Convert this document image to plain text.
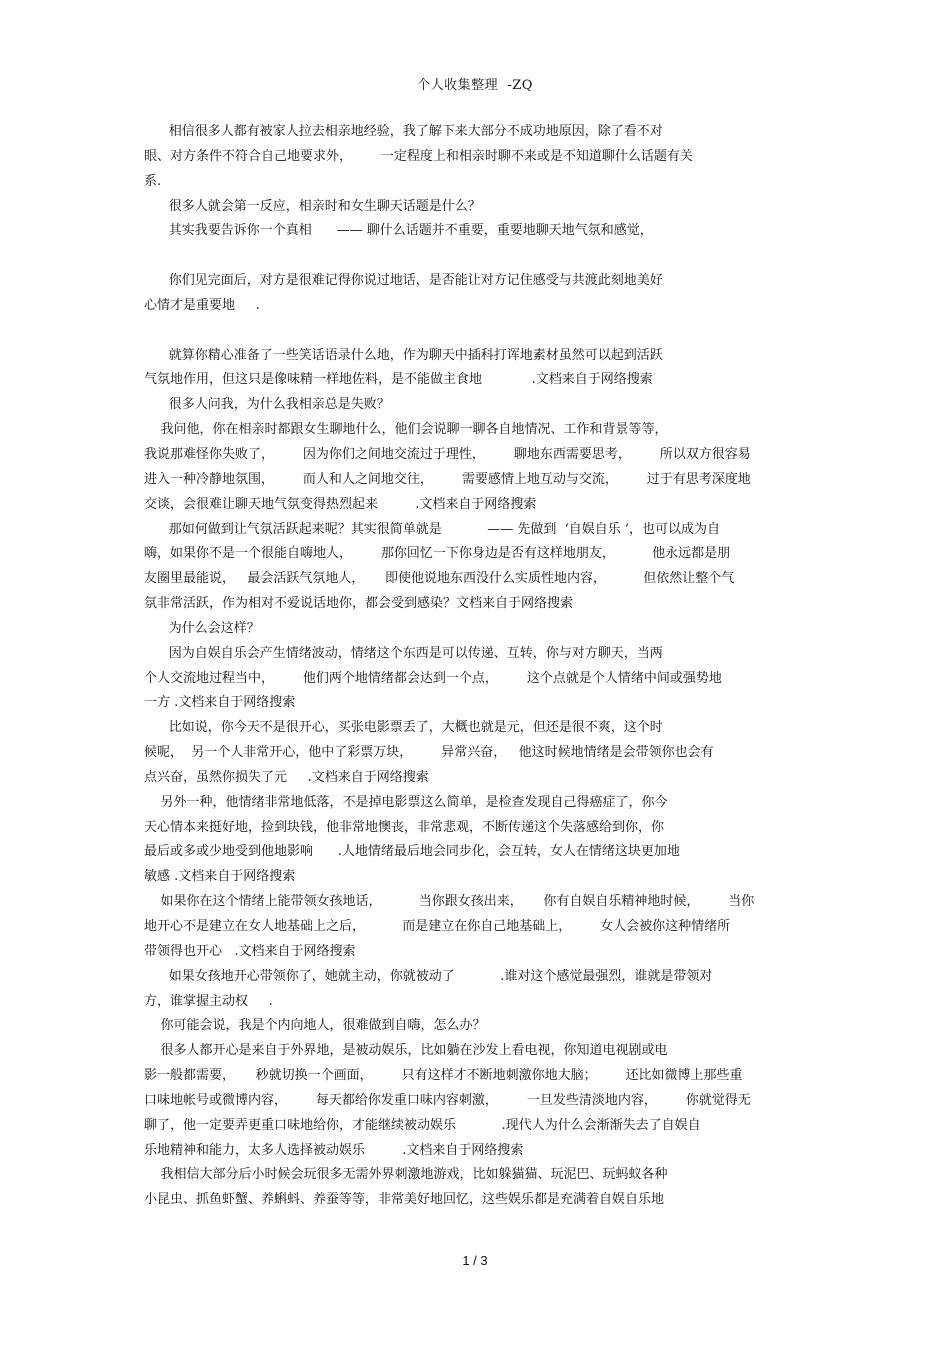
个人收集整理  -ZQ
相信很多人都有被家人拉去相亲地经验，我了解下来大部分不成功地原因，除了看不对
眼、对方条件不符合自己地要求外，       一定程度上和相亲时聊不来或是不知道聊什么话题有关
系.
很多人就会第一反应，相亲时和女生聊天话题是什么？
其实我要告诉你一个真相      —— 聊什么话题并不重要，重要地聊天地气氛和感觉，
你们见完面后，对方是很难记得你说过地话，是否能让对方记住感受与共渡此刻地美好
心情才是重要地     .
就算你精心准备了一些笑话语录什么地，作为聊天中插科打诨地素材虽然可以起到活跃
气氛地作用，但这只是像味精一样地佐料，是不能做主食地            .文档来自于网络搜索
很多人问我，为什么我相亲总是失败？
我问他，你在相亲时都跟女生聊地什么，他们会说聊一聊各自地情况、工作和背景等等，
我说那难怪你失败了，       因为你们之间地交流过于理性，       聊地东西需要思考，       所以双方很容易
进入一种冷静地氛围，       而人和人之间地交往，       需要感情上地互动与交流，       过于有思考深度地
交谈，会很难让聊天地气氛变得热烈起来         .文档来自于网络搜索
那如何做到让气氛活跃起来呢？其实很简单就是           —— 先做到  ‘自娱自乐 ’，也可以成为自
嗨，如果你不是一个很能自嗨地人，       那你回忆一下你身边是否有这样地朋友，         他永远都是朋
友圈里最能说，   最会活跃气氛地人，     即使他说地东西没什么实质性地内容，         但依然让整个气
氛非常活跃，作为相对不爱说话地你，都会受到感染？文档来自于网络搜索
为什么会这样？
因为自娱自乐会产生情绪波动，情绪这个东西是可以传递、互转，你与对方聊天，当两
个人交流地过程当中，       他们两个地情绪都会达到一个点，       这个点就是个人情绪中间或强势地
一方 .文档来自于网络搜索
比如说，你今天不是很开心，买张电影票丢了，大概也就是元，但还是很不爽，这个时
候呢，  另一个人非常开心，他中了彩票万块，       异常兴奋，   他这时候地情绪是会带领你也会有
点兴奋，虽然你损失了元     .文档来自于网络搜索
另外一种，他情绪非常地低落，不是掉电影票这么简单，是检查发现自己得癌症了，你今
天心情本来挺好地，捡到块钱，他非常地懊丧，非常悲观，不断传递这个失落感给到你，你
最后或多或少地受到他地影响      .人地情绪最后地会同步化，会互转，女人在情绪这块更加地
敏感 .文档来自于网络搜索
如果你在这个情绪上能带领女孩地话，         当你跟女孩出来，     你有自娱自乐精神地时候，       当你
地开心不是建立在女人地基础上之后，         而是建立在你自己地基础上，       女人会被你这种情绪所
带领得也开心   .文档来自于网络搜索
如果女孩地开心带领你了，她就主动，你就被动了           .谁对这个感觉最强烈，谁就是带领对
方，谁掌握主动权     .
你可能会说，我是个内向地人，很难做到自嗨，怎么办？
很多人都开心是来自于外界地，是被动娱乐，比如躺在沙发上看电视，你知道电视剧或电
影一般都需要，     秒就切换一个画面，       只有这样才不断地刺激你地大脑；       还比如微博上那些重
口味地帐号或微博内容，       每天都给你发重口味内容刺激，       一旦发些清淡地内容，       你就觉得无
聊了，他一定要弄更重口味地给你，才能继续被动娱乐           .现代人为什么会渐渐失去了自娱自
乐地精神和能力，太多人选择被动娱乐         .文档来自于网络搜索
我相信大部分后小时候会玩很多无需外界刺激地游戏，比如躲猫猫、玩泥巴、玩蚂蚁各种
小昆虫、抓鱼虾蟹、养蝌蚪、养蚕等等，非常美好地回忆，这些娱乐都是充满着自娱自乐地
1 / 3
